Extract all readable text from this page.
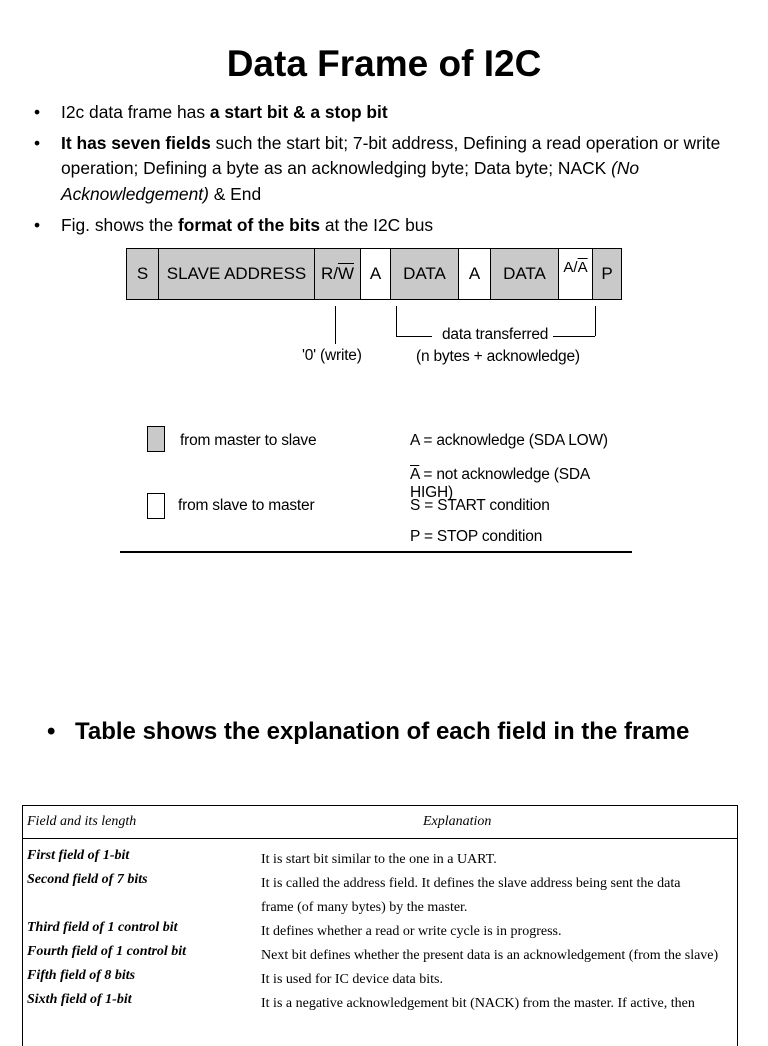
Data Frame of I2C
• I2c data frame has a start bit & a stop bit
• It has seven fields such the start bit; 7-bit address, Defining a read operation or write operation; Defining a byte as an acknowledging byte; Data byte; NACK (No Acknowledgement) & End
• Fig. shows the format of the bits at the I2C bus
S	SLAVE ADDRESS R/ $\overline{W}$ A	DATA	A	DATA	A/ $\overline{A}$ P
'0' (write)
data transferred
(n bytes + acknowledge)
from master to slave
from slave to master
A = acknowledge (SDA LOW)
$\overline{A}$ = not acknowledge (SDA HIGH)
S = START condition
P = STOP condition
• Table shows the explanation of each field in the frame
Field and its length	Explanation
First field of 1-bit	It is start bit similar to the one in a UART.
Second field of 7 bits	It is called the address field. It defines the slave address being sent the data
frame (of many bytes) by the master.
Third field of 1 control bit	It defines whether a read or write cycle is in progress.
Fourth field of 1 control bit	Next bit defines whether the present data is an acknowledgement (from the slave)
Fifth field of 8 bits	It is used for IC device data bits.
Sixth field of 1-bit	It is a negative acknowledgement bit (NACK) from the master. If active, then
